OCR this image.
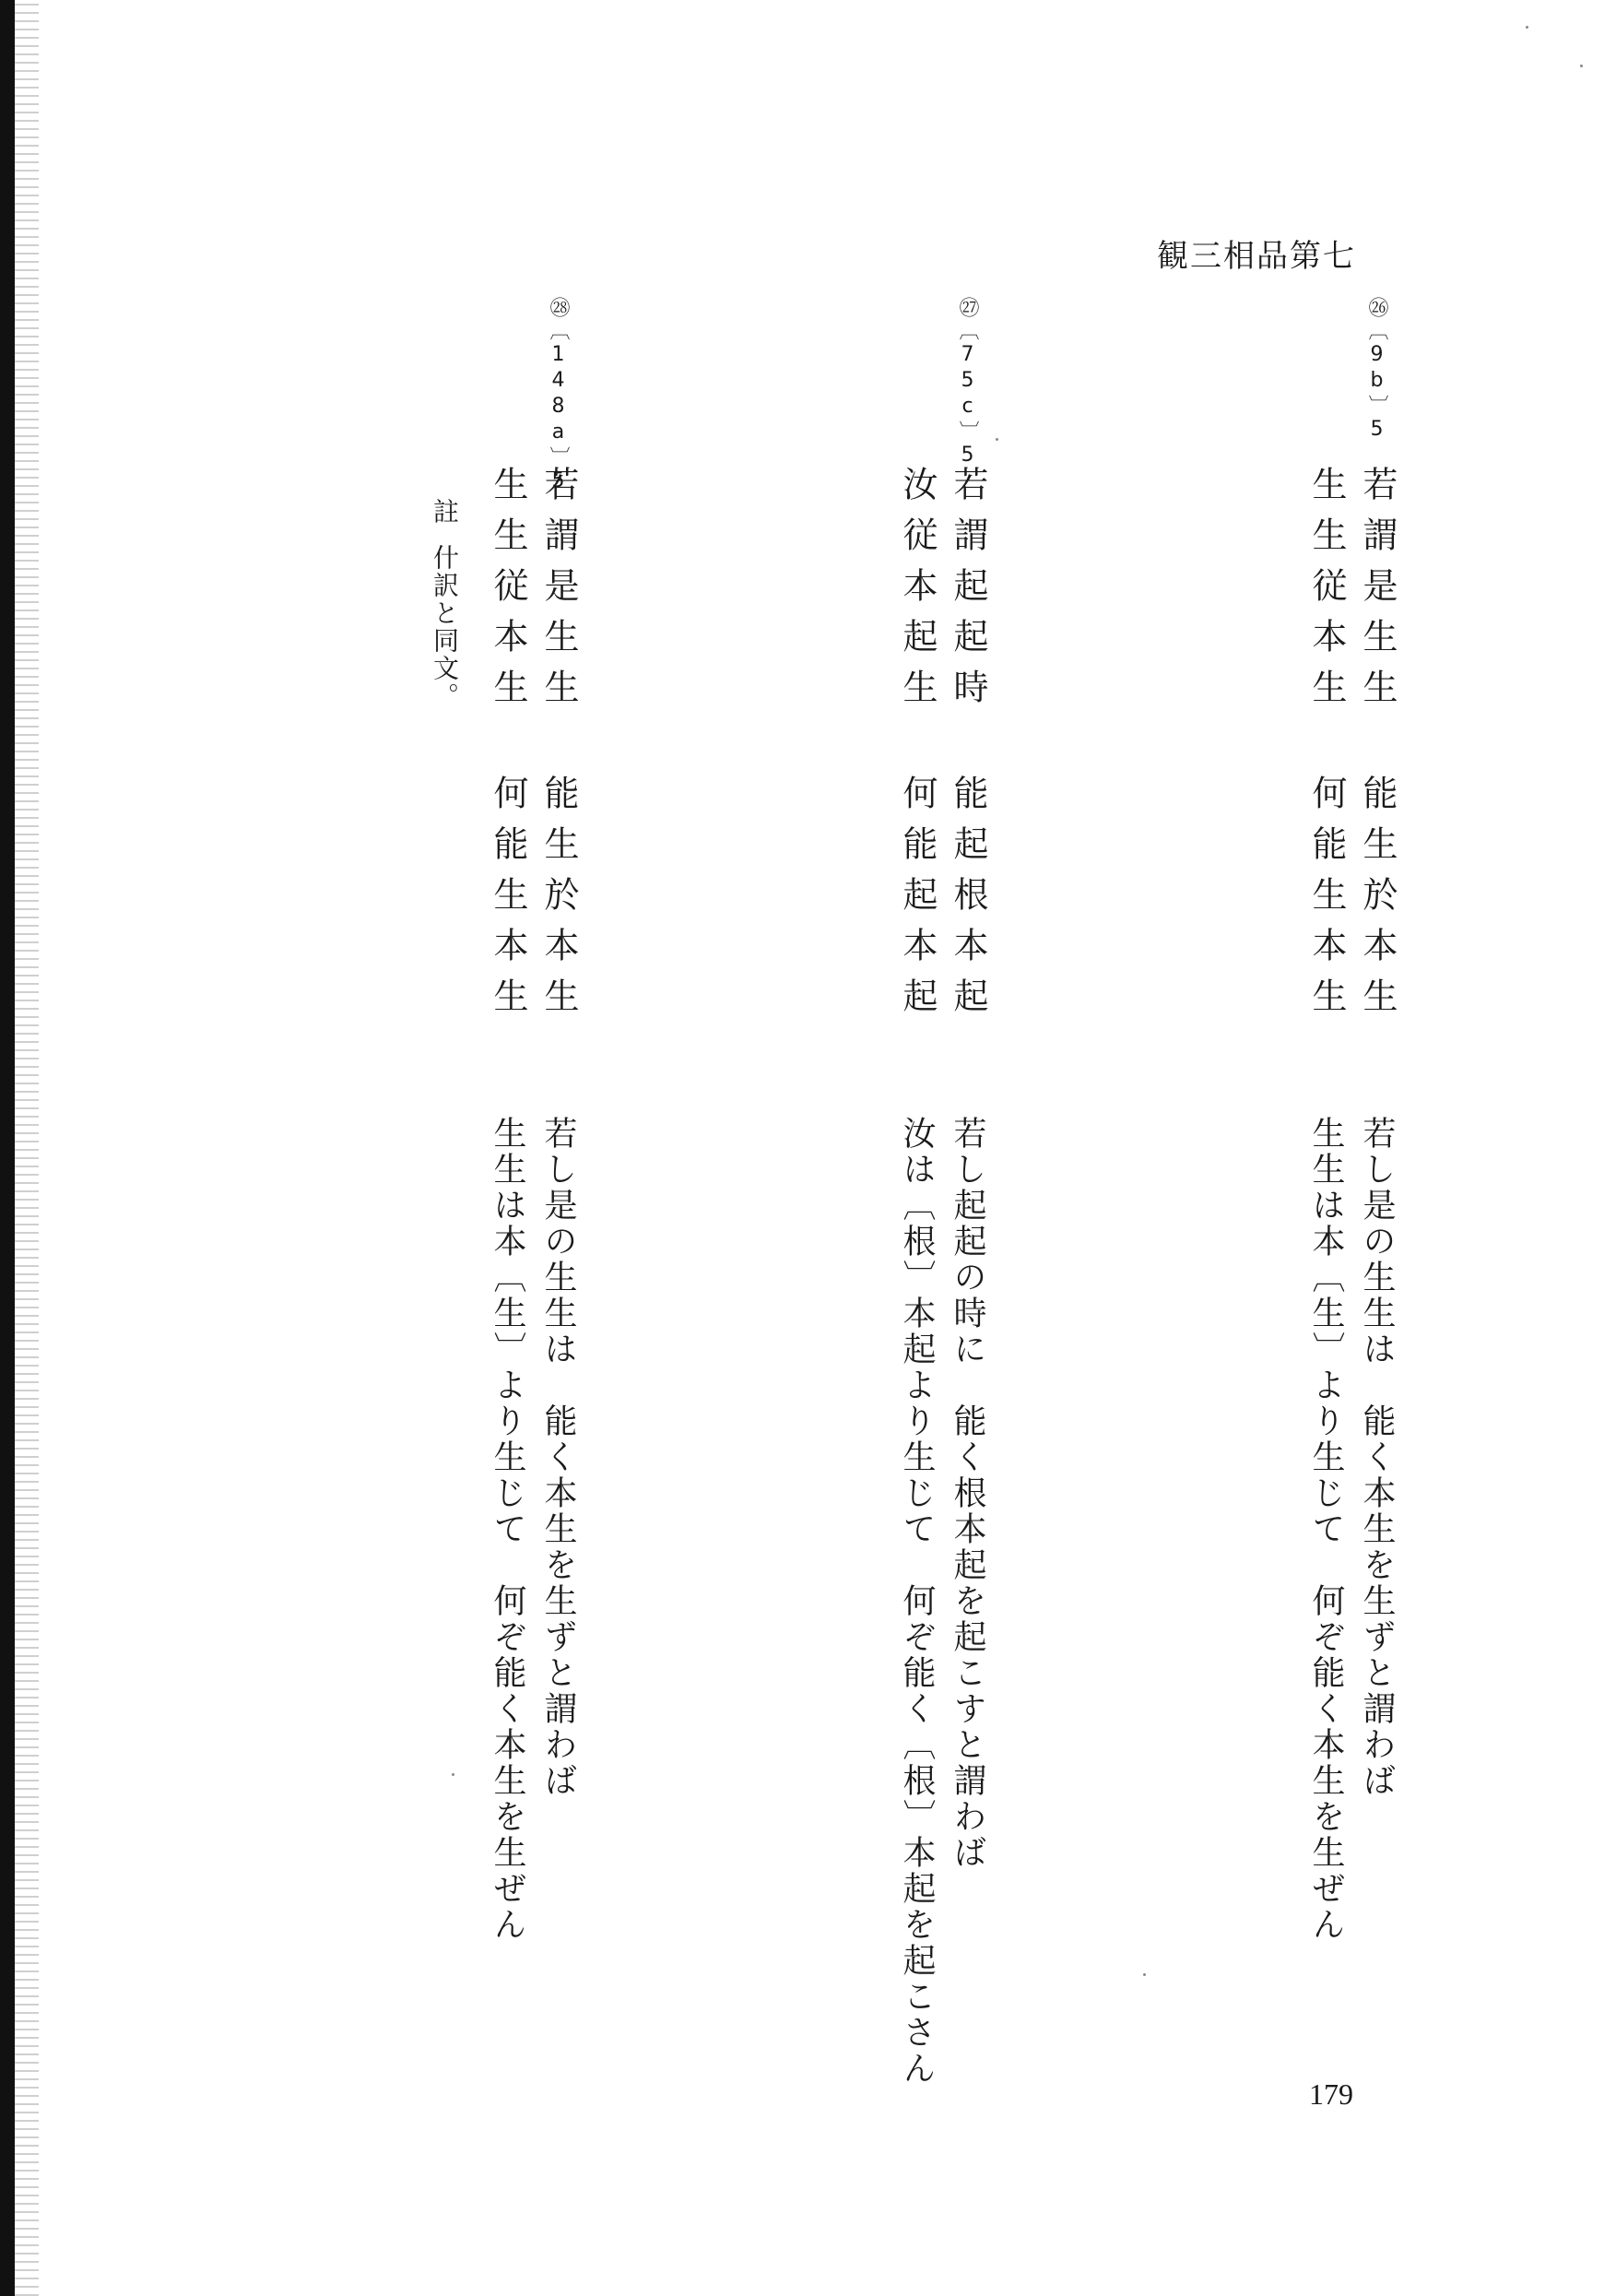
観三相品第七
㉖〔9b〕5
若謂是生生
能生於本生
生生従本生
何能生本生
若し是の生生は　能く本生を生ずと謂わば
生生は本〔生〕より生じて　何ぞ能く本生を生ぜん
㉗〔75c〕5
若謂起起時
能起根本起
汝従本起生
何能起本起
若し起起の時に　能く根本起を起こすと謂わば
汝は〔根〕本起より生じて　何ぞ能く〔根〕本起を起こさん
㉘〔148a〕5
若謂是生生
能生於本生
生生従本生
何能生本生
若し是の生生は　能く本生を生ずと謂わば
生生は本〔生〕より生じて　何ぞ能く本生を生ぜん
註
什訳と同文。
179
